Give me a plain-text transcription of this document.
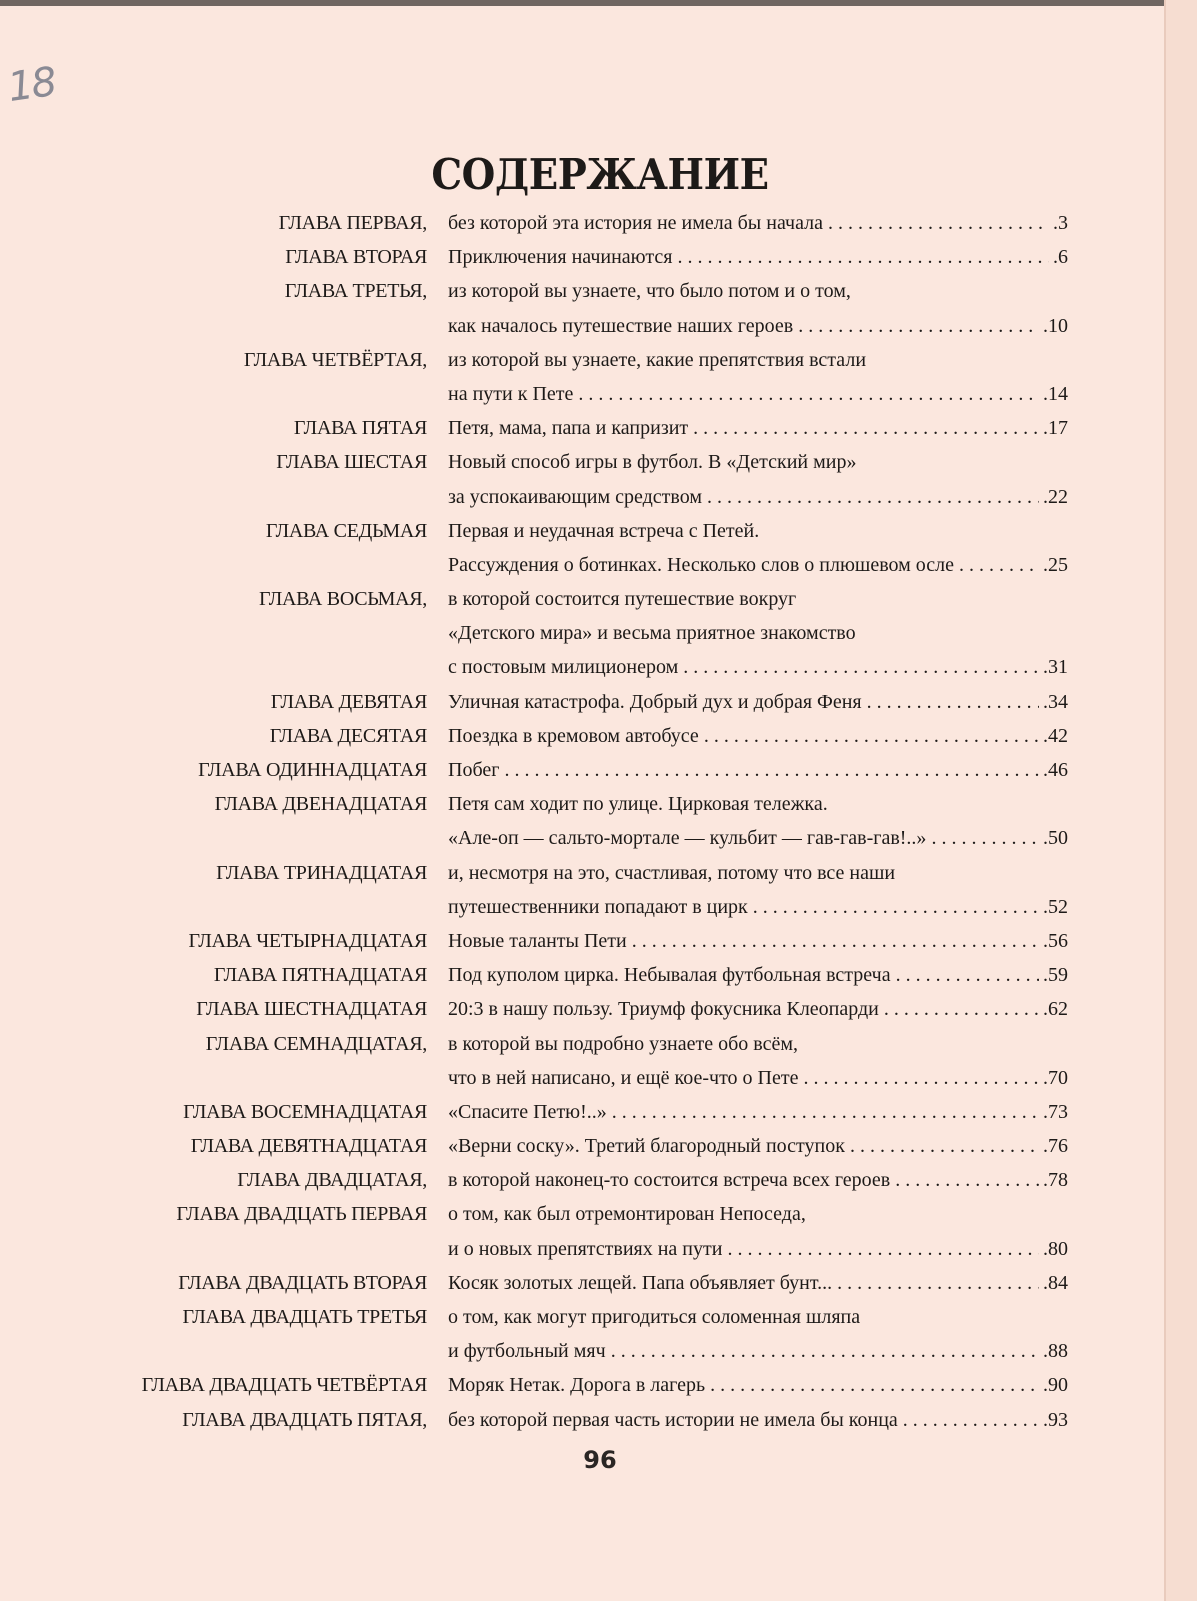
18
СОДЕРЖАНИЕ
ГЛАВА ПЕРВАЯ, без которой эта история не имела бы начала . . .	.3
ГЛАВА ВТОРАЯ Приключения начинаются . . .	.6
ГЛАВА ТРЕТЬЯ, из которой вы узнаете, что было потом и о том,
как началось путешествие наших героев . . .	.10
ГЛАВА ЧЕТВЁРТАЯ, из которой вы узнаете, какие препятствия встали
на пути к Пете . . .	.14
ГЛАВА ПЯТАЯ Петя, мама, папа и капризит . . .	.17
ГЛАВА ШЕСТАЯ Новый способ игры в футбол. В «Детский мир»
за успокаивающим средством . . .	.22
ГЛАВА СЕДЬМАЯ Первая и неудачная встреча с Петей.
Рассуждения о ботинках. Несколько слов о плюшевом осле . . .	.25
ГЛАВА ВОСЬМАЯ, в которой состоится путешествие вокруг
«Детского мира» и весьма приятное знакомство
с постовым милиционером . . .	.31
ГЛАВА ДЕВЯТАЯ Уличная катастрофа. Добрый дух и добрая Феня . . .	.34
ГЛАВА ДЕСЯТАЯ Поездка в кремовом автобусе . . .	.42
ГЛАВА ОДИННАДЦАТАЯ Побег . . .	.46
ГЛАВА ДВЕНАДЦАТАЯ Петя сам ходит по улице. Цирковая тележка.
«Але-оп — сальто-мортале — кульбит — гав-гав-гав!..» . . .	.50
ГЛАВА ТРИНАДЦАТАЯ и, несмотря на это, счастливая, потому что все наши
путешественники попадают в цирк . . .	.52
ГЛАВА ЧЕТЫРНАДЦАТАЯ Новые таланты Пети . . .	.56
ГЛАВА ПЯТНАДЦАТАЯ Под куполом цирка. Небывалая футбольная встреча . . .	.59
ГЛАВА ШЕСТНАДЦАТАЯ 20:3 в нашу пользу. Триумф фокусника Клеопарди . . .	.62
ГЛАВА СЕМНАДЦАТАЯ, в которой вы подробно узнаете обо всём,
что в ней написано, и ещё кое-что о Пете . . .	.70
ГЛАВА ВОСЕМНАДЦАТАЯ «Спасите Петю!..» . . .	.73
ГЛАВА ДЕВЯТНАДЦАТАЯ «Верни соску». Третий благородный поступок . . .	.76
ГЛАВА ДВАДЦАТАЯ, в которой наконец-то состоится встреча всех героев . . .	.78
ГЛАВА ДВАДЦАТЬ ПЕРВАЯ о том, как был отремонтирован Непоседа,
и о новых препятствиях на пути . . .	.80
ГЛАВА ДВАДЦАТЬ ВТОРАЯ Косяк золотых лещей. Папа объявляет бунт... . . .	.84
ГЛАВА ДВАДЦАТЬ ТРЕТЬЯ о том, как могут пригодиться соломенная шляпа
и футбольный мяч . . .	.88
ГЛАВА ДВАДЦАТЬ ЧЕТВЁРТАЯ Моряк Нетак. Дорога в лагерь . . .	.90
ГЛАВА ДВАДЦАТЬ ПЯТАЯ, без которой первая часть истории не имела бы конца . . .	.93
96
